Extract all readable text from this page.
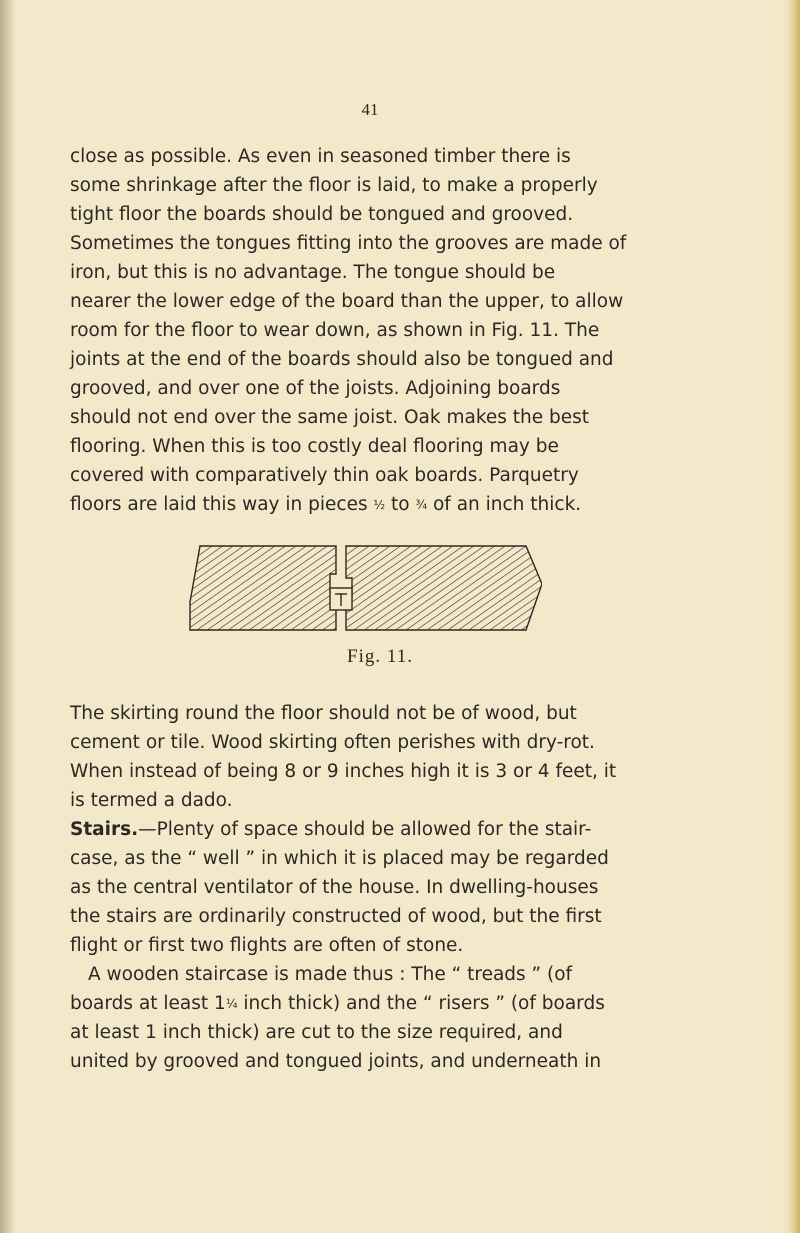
41

close as possible. As even in seasoned timber there is

some shrinkage after the floor is laid, to make a properly

tight floor the boards should be tongued and grooved.

Sometimes the tongues fitting into the grooves are made of

iron, but this is no advantage. The tongue should be

nearer the lower edge of the board than the upper, to allow

room for the floor to wear down, as shown in Fig. 11. The

joints at the end of the boards should also be tongued and

grooved, and over one of the joists. Adjoining boards

should not end over the same joist. Oak makes the best

flooring. When this is too costly deal flooring may be

covered with comparatively thin oak boards. Parquetry

floors are laid this way in pieces ½ to ¾ of an inch thick.

Fig. 11.

The skirting round the floor should not be of wood, but

cement or tile. Wood skirting often perishes with dry-rot.

When instead of being 8 or 9 inches high it is 3 or 4 feet, it

is termed a dado.

Stairs.—Plenty of space should be allowed for the stair-

case, as the “ well ” in which it is placed may be regarded

as the central ventilator of the house. In dwelling-houses

the stairs are ordinarily constructed of wood, but the first

flight or first two flights are often of stone.

A wooden staircase is made thus : The “ treads ” (of

boards at least 1¼ inch thick) and the “ risers ” (of boards

at least 1 inch thick) are cut to the size required, and

united by grooved and tongued joints, and underneath in
